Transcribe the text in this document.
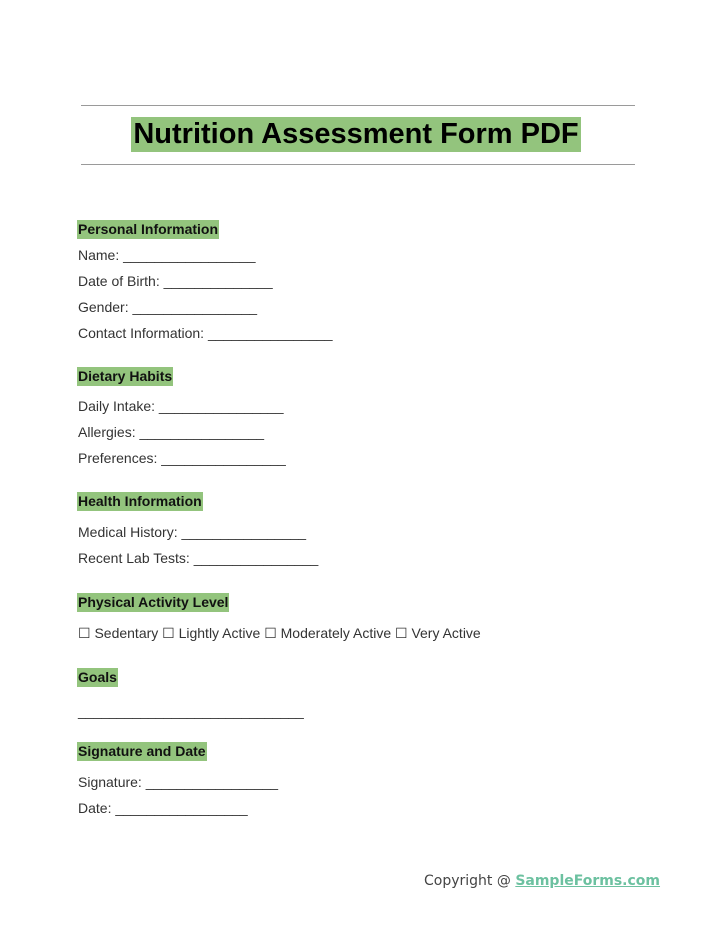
Nutrition Assessment Form PDF
Personal Information
Name: _________________
Date of Birth: ______________
Gender: ________________
Contact Information: ________________
Dietary Habits
Daily Intake: ________________
Allergies: ________________
Preferences: ________________
Health Information
Medical History: ________________
Recent Lab Tests: ________________
Physical Activity Level
☐ Sedentary ☐ Lightly Active ☐ Moderately Active ☐ Very Active
Goals
_____________________________
Signature and Date
Signature: _________________
Date: _________________
Copyright @ SampleForms.com
